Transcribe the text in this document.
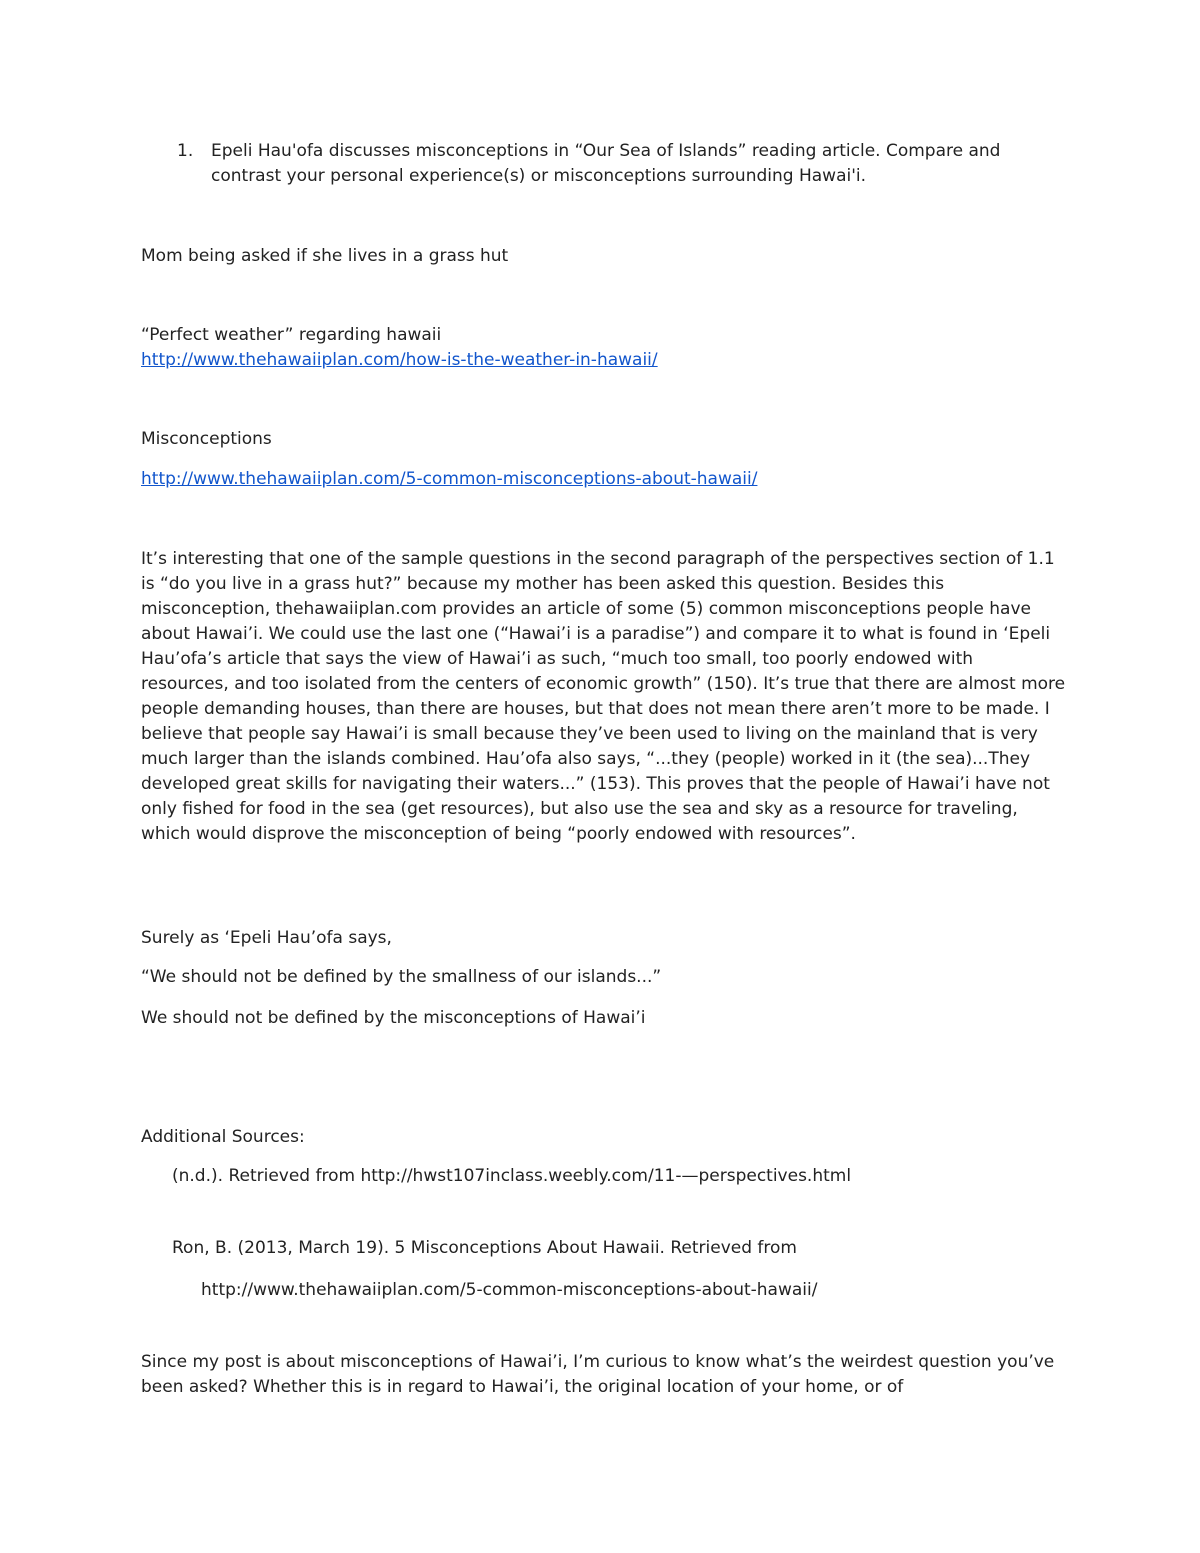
1. Epeli Hau'ofa discusses misconceptions in “Our Sea of Islands” reading article. Compare and contrast your personal experience(s) or misconceptions surrounding Hawai'i.

Mom being asked if she lives in a grass hut

“Perfect weather” regarding hawaii

http://www.thehawaiiplan.com/how-is-the-weather-in-hawaii/

Misconceptions

http://www.thehawaiiplan.com/5-common-misconceptions-about-hawaii/

It’s interesting that one of the sample questions in the second paragraph of the perspectives section of 1.1 is “do you live in a grass hut?” because my mother has been asked this question. Besides this misconception, thehawaiiplan.com provides an article of some (5) common misconceptions people have about Hawai’i. We could use the last one (“Hawai’i is a paradise”) and compare it to what is found in ‘Epeli Hau’ofa’s article that says the view of Hawai’i as such, “much too small, too poorly endowed with resources, and too isolated from the centers of economic growth” (150). It’s true that there are almost more people demanding houses, than there are houses, but that does not mean there aren’t more to be made. I believe that people say Hawai’i is small because they’ve been used to living on the mainland that is very much larger than the islands combined. Hau’ofa also says, “...they (people) worked in it (the sea)...They developed great skills for navigating their waters...” (153). This proves that the people of Hawai’i have not only fished for food in the sea (get resources), but also use the sea and sky as a resource for traveling, which would disprove the misconception of being “poorly endowed with resources”.

Surely as ‘Epeli Hau’ofa says,

“We should not be defined by the smallness of our islands...”

We should not be defined by the misconceptions of Hawai’i

Additional Sources:

(n.d.). Retrieved from http://hwst107inclass.weebly.com/11-—perspectives.html

Ron, B. (2013, March 19). 5 Misconceptions About Hawaii. Retrieved from

http://www.thehawaiiplan.com/5-common-misconceptions-about-hawaii/

Since my post is about misconceptions of Hawai’i, I’m curious to know what’s the weirdest question you’ve been asked? Whether this is in regard to Hawai’i, the original location of your home, or of
